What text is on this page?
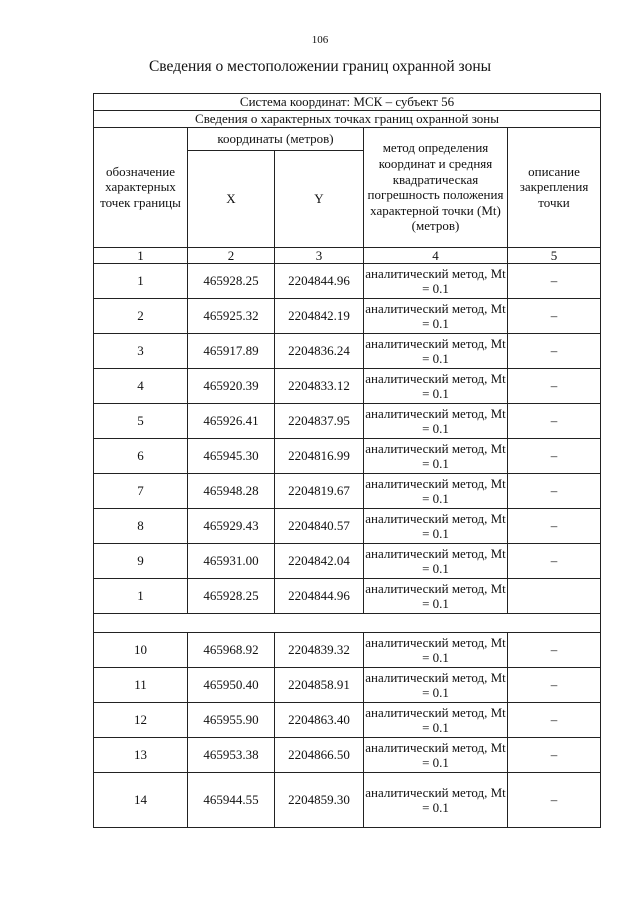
106
Сведения о местоположении границ охранной зоны
Система координат: МСК – субъект 56				
Сведения о характерных точках границ охранной зоны				
обозначение характерных точек границы	координаты (метров)		метод определения координат и средняя квадратическая погрешность положения характерной точки (Mt) (метров)	описание закрепления точки
	X	Y		
1	2	3	4	5
1	465928.25	2204844.96	аналитический метод, Mt = 0.1	–
2	465925.32	2204842.19	аналитический метод, Mt = 0.1	–
3	465917.89	2204836.24	аналитический метод, Mt = 0.1	–
4	465920.39	2204833.12	аналитический метод, Mt = 0.1	–
5	465926.41	2204837.95	аналитический метод, Mt = 0.1	–
6	465945.30	2204816.99	аналитический метод, Mt = 0.1	–
7	465948.28	2204819.67	аналитический метод, Mt = 0.1	–
8	465929.43	2204840.57	аналитический метод, Mt = 0.1	–
9	465931.00	2204842.04	аналитический метод, Mt = 0.1	–
1	465928.25	2204844.96	аналитический метод, Mt = 0.1	

10	465968.92	2204839.32	аналитический метод, Mt = 0.1	–
11	465950.40	2204858.91	аналитический метод, Mt = 0.1	–
12	465955.90	2204863.40	аналитический метод, Mt = 0.1	–
13	465953.38	2204866.50	аналитический метод, Mt = 0.1	–
14	465944.55	2204859.30	аналитический метод, Mt = 0.1	–
